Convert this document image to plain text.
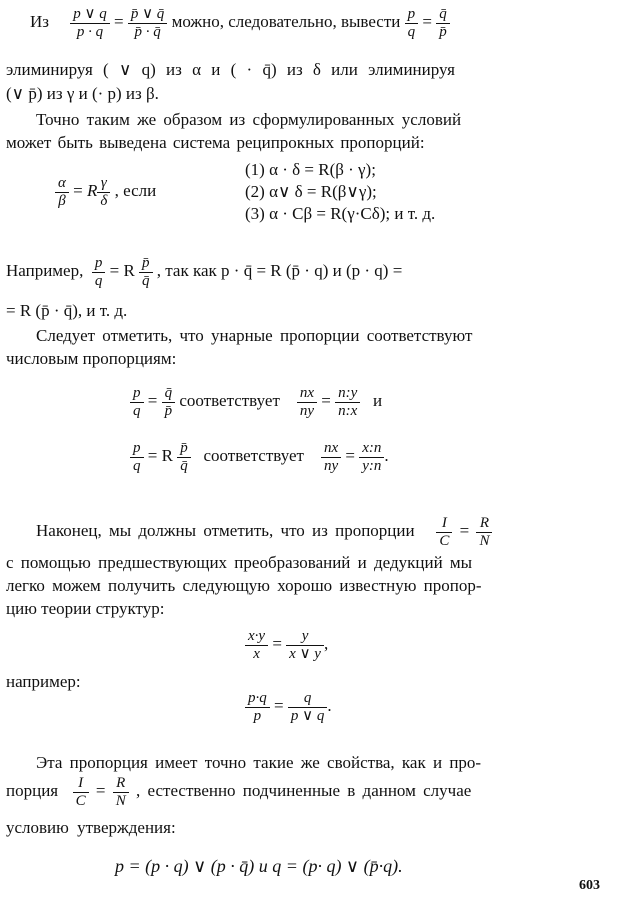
Из $\frac{p \vee q}{p \cdot q} = \frac{p̄ \vee q̄}{p̄ \cdot q̄}$ можно, следовательно, вывести $\frac{p}{q} = \frac{q̄}{p̄}$
элиминируя ( ∨ q) из α и ( · q̄) из δ или элиминируя
(∨ p̄) из γ и (· p) из β.
Точно таким же образом из сформулированных условий
может быть выведена система реципрокных пропорций:
$\frac{\alpha}{\beta} = R \frac{\gamma}{\delta}$ , если
(1) α · δ = R(β · γ);
(2) α∨ δ = R(β∨γ);
(3) α · Cβ = R(γ·Cδ); и т. д.
Например, $\frac{p}{q} = R \frac{p̄}{q̄}$ , так как p · q̄ = R (p̄ · q) и (p · q) =
= R (p̄ · q̄), и т. д.
Следует отметить, что унарные пропорции соответствуют
числовым пропорциям:
$\frac{p}{q} = \frac{q̄}{p̄}$ соответствует $\frac{nx}{ny} = \frac{n:y}{n:x}$ и
$\frac{p}{q} = R \frac{p̄}{q̄}$ соответствует $\frac{nx}{ny} = \frac{x:n}{y:n}$ .
Наконец, мы должны отметить, что из пропорции $\frac{I}{C} = \frac{R}{N}$
с помощью предшествующих преобразований и дедукций мы
легко можем получить следующую хорошо известную пропор-
цию теории структур:
$\frac{x\cdot y}{x} = \frac{y}{x \vee y}$ ,
например:
$\frac{p\cdot q}{p} = \frac{q}{p \vee q}$ .
Эта пропорция имеет точно такие же свойства, как и про-
порция $\frac{I}{C} = \frac{R}{N}$ , естественно подчиненные в данном случае
условию утверждения:
p = (p · q) ∨ (p · q̄) и q = (p· q) ∨ (p̄·q).
603
